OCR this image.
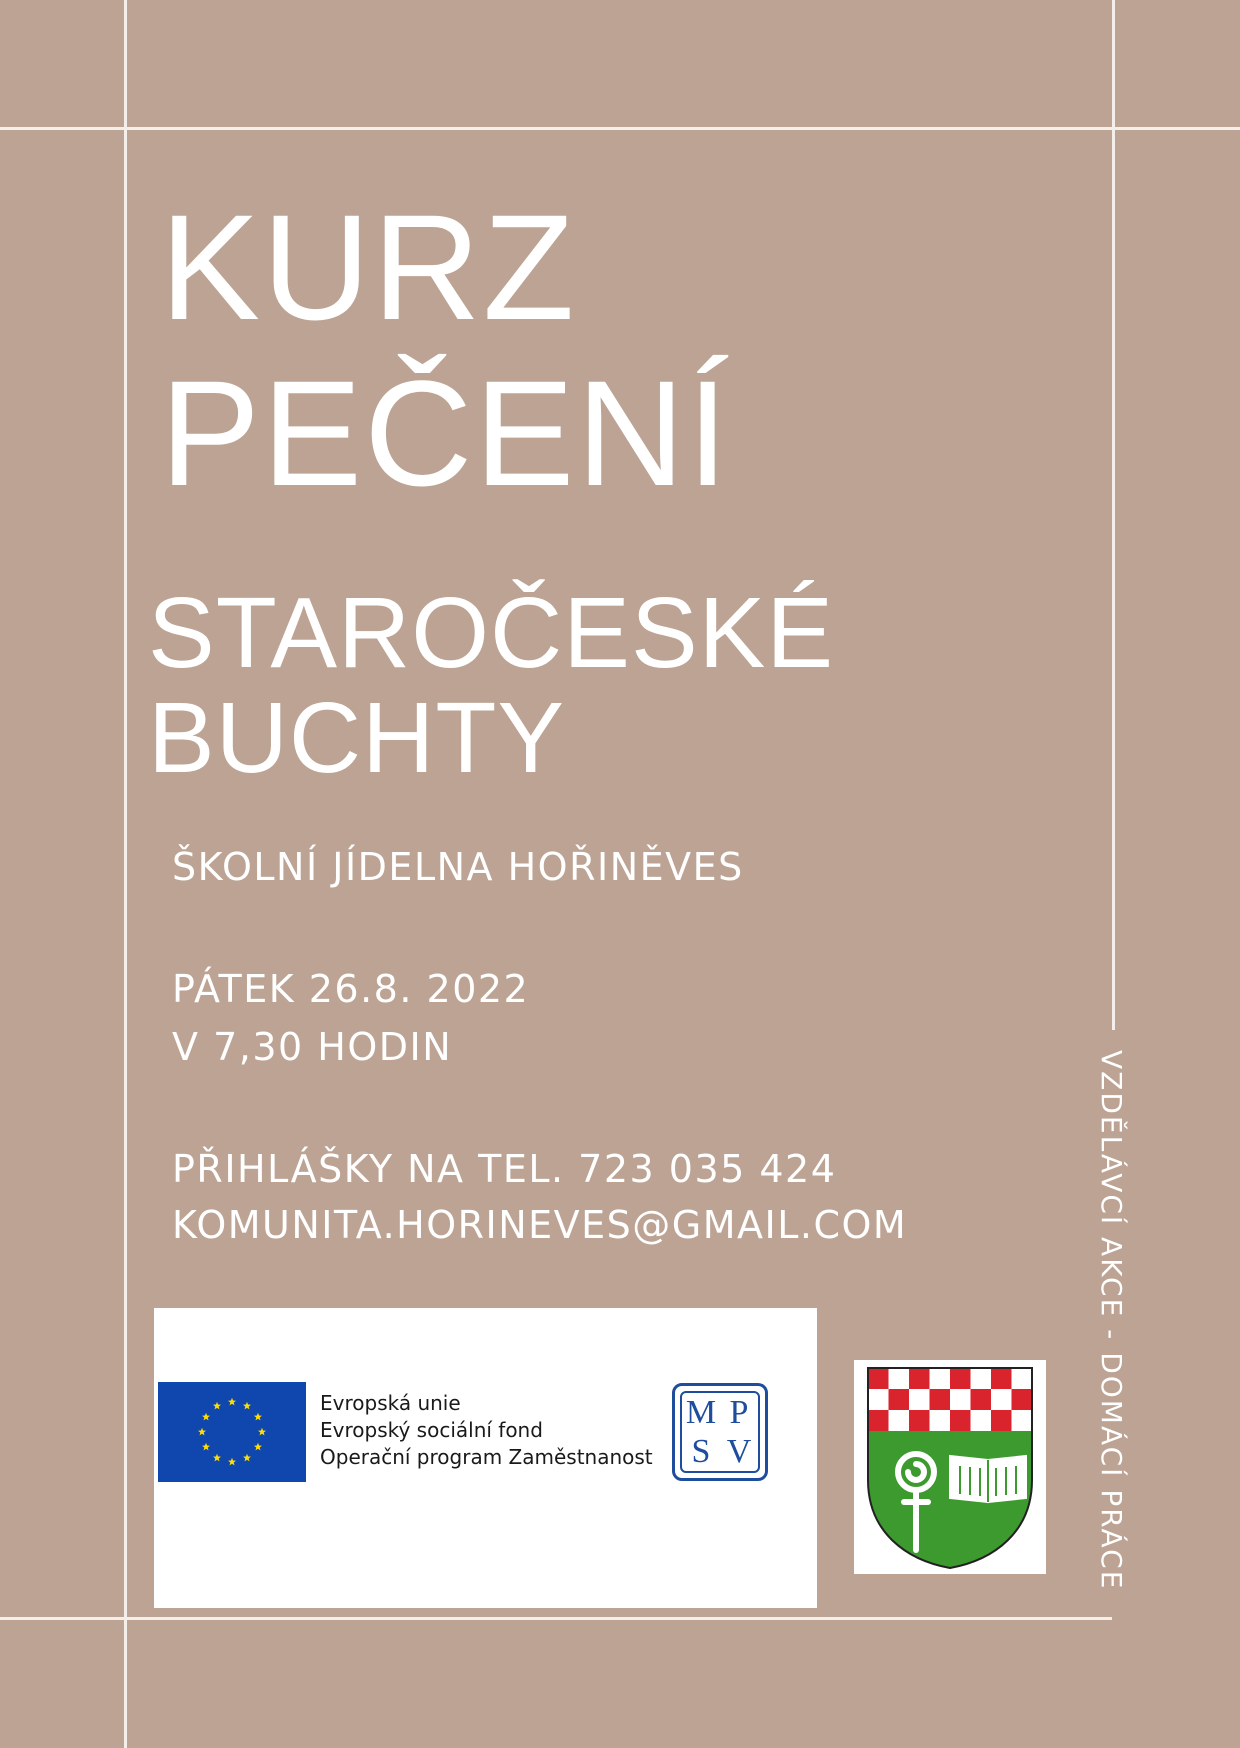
KURZ
PEČENÍ
STAROČESKÉ
BUCHTY

ŠKOLNÍ JÍDELNA HOŘINĚVES

PÁTEK 26.8. 2022

V 7,30 HODIN

PŘIHLÁŠKY NA TEL. 723 035 424

KOMUNITA.HORINEVES@GMAIL.COM	VZDĚLÁVCÍ AKCE - DOMÁCÍ PRÁCE
Evropská unie
Evropský sociální fond
Operační program Zaměstnanost
M P
S V
